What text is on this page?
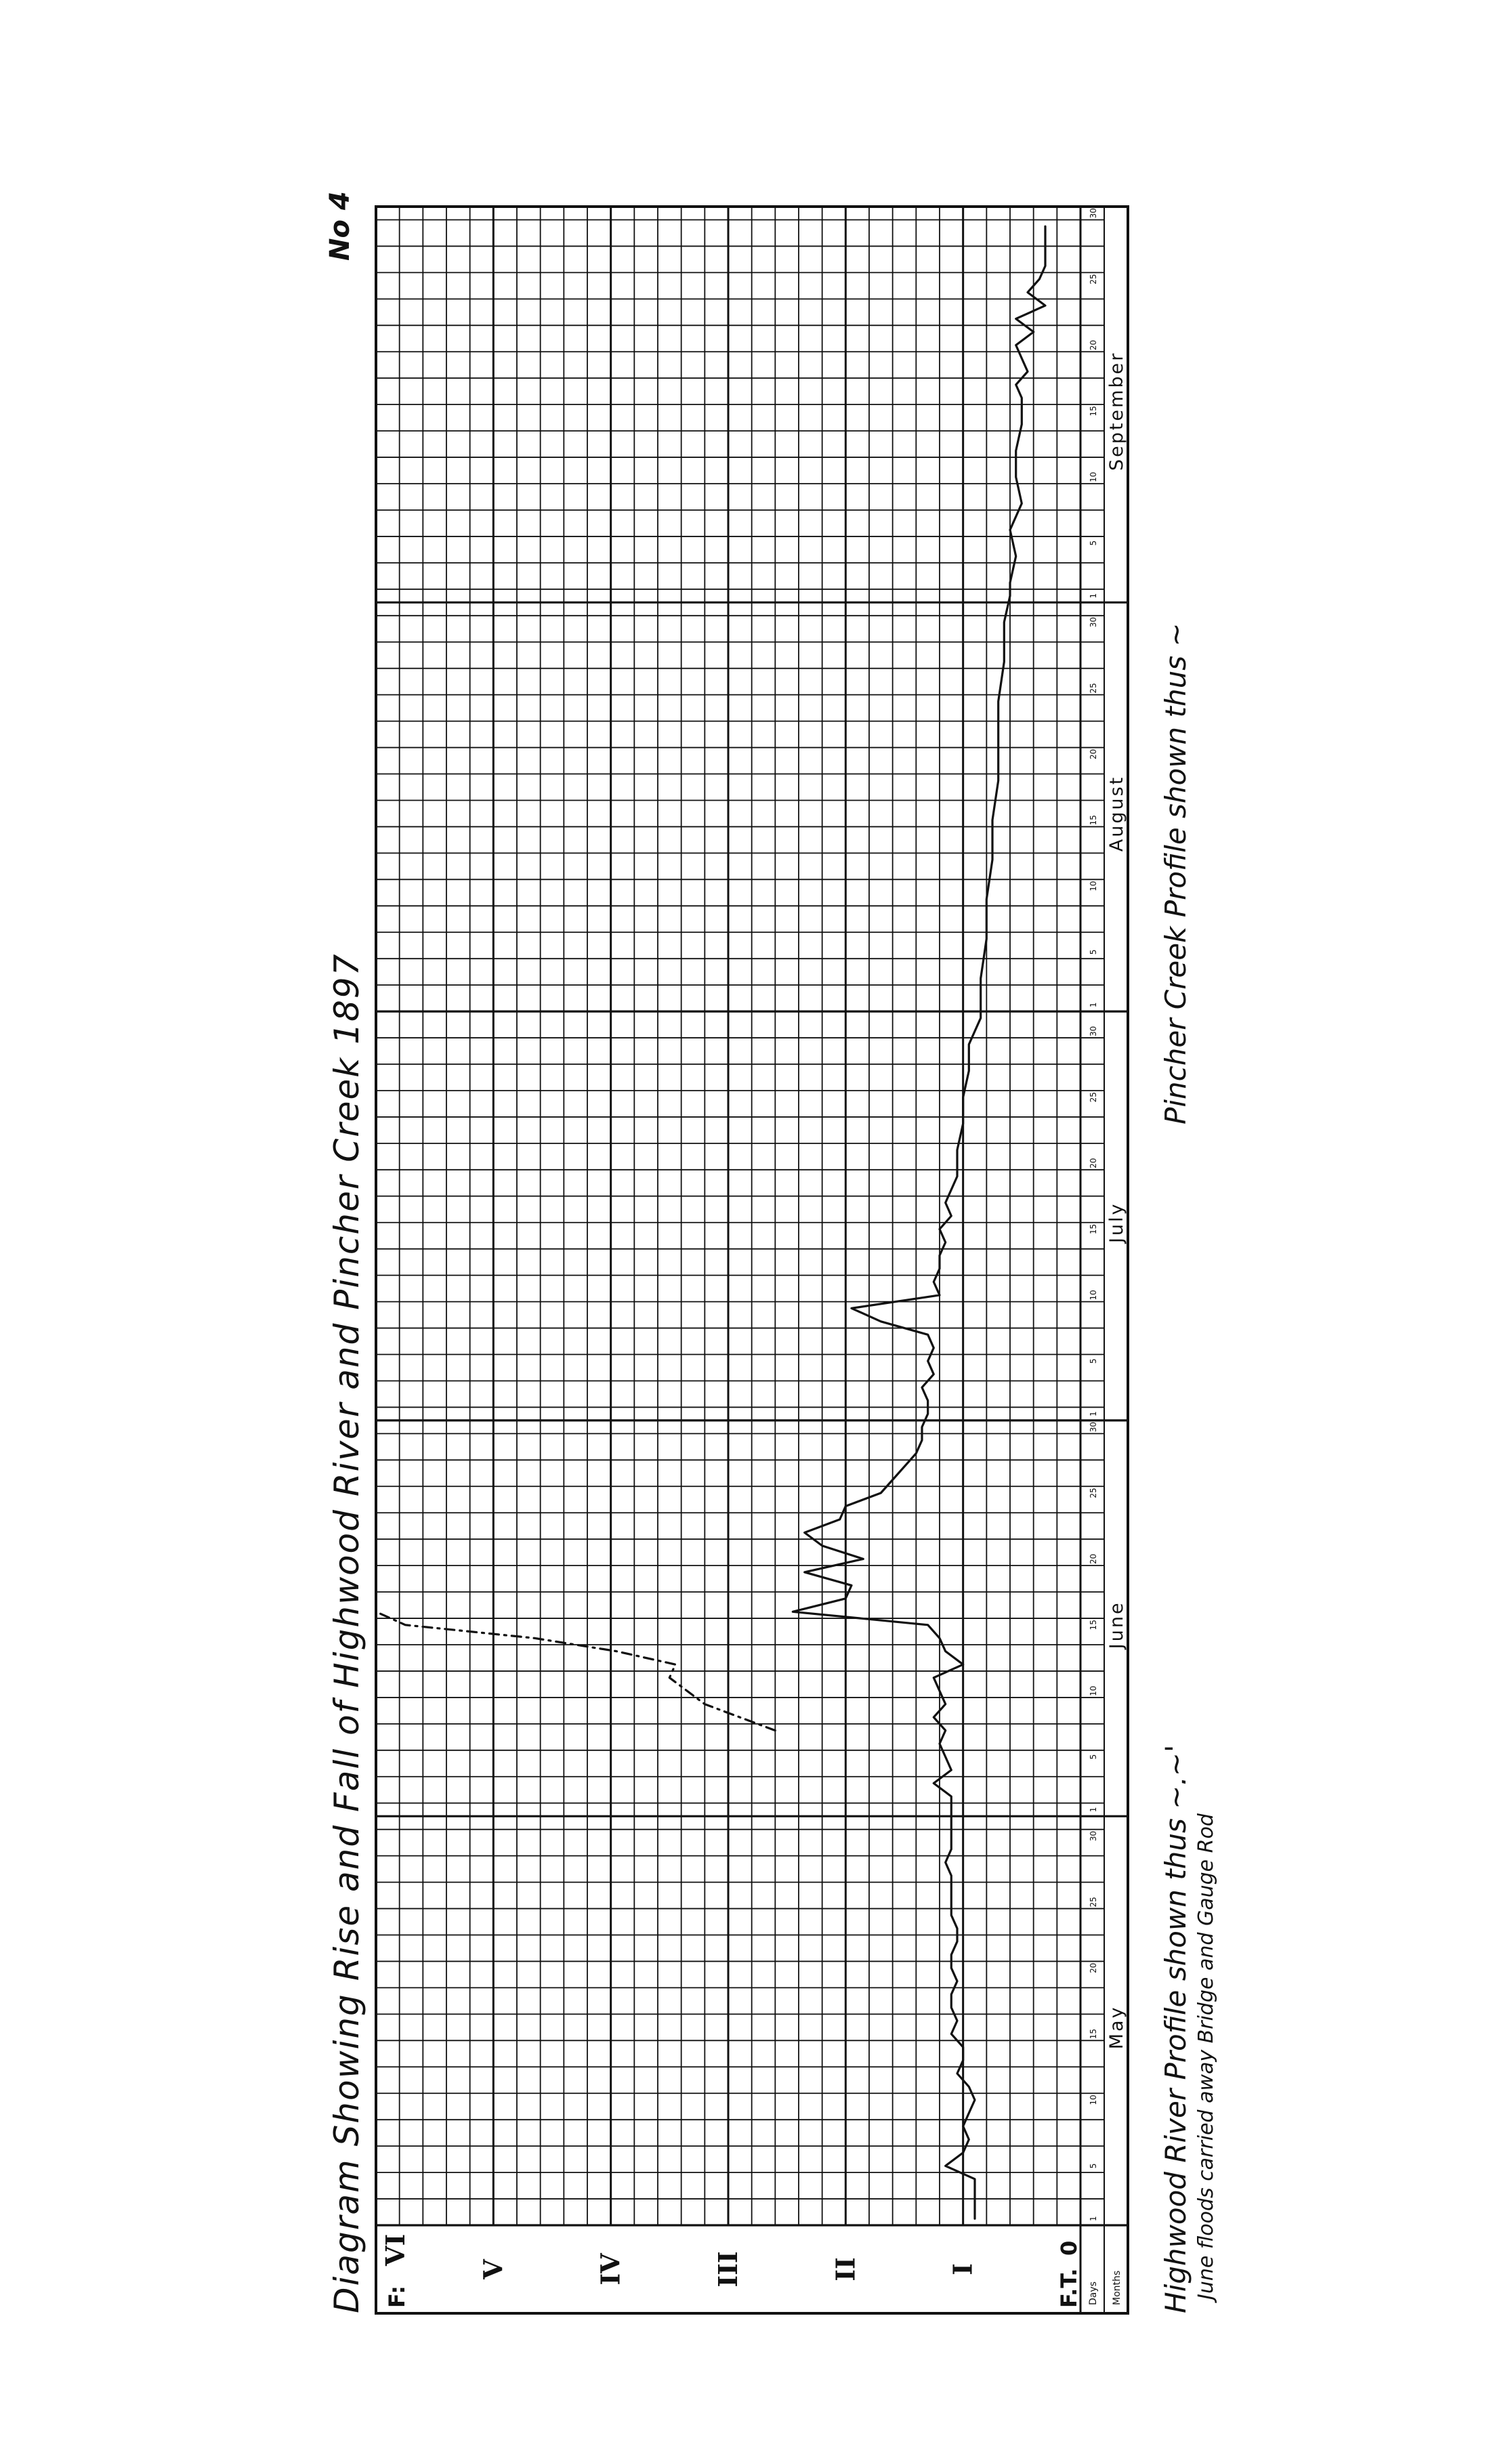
I
II
III
IV
V
F:
VI
F.T.
0
Days Months
1
5
10
15
20
25
30
May
1
5
10
15
20
25
30
June
1
5
10
15
20
25
30
July
1
5
10
15
20
25
30
August
1
5
10
15
20
25
30
September
Diagram Showing Rise and Fall of Highwood River and Pincher Creek 1897	Highwood River Profile shown thus ~.~' June floods carried away Bridge and Gauge Rod
Pincher Creek Profile shown thus ~
No 4
